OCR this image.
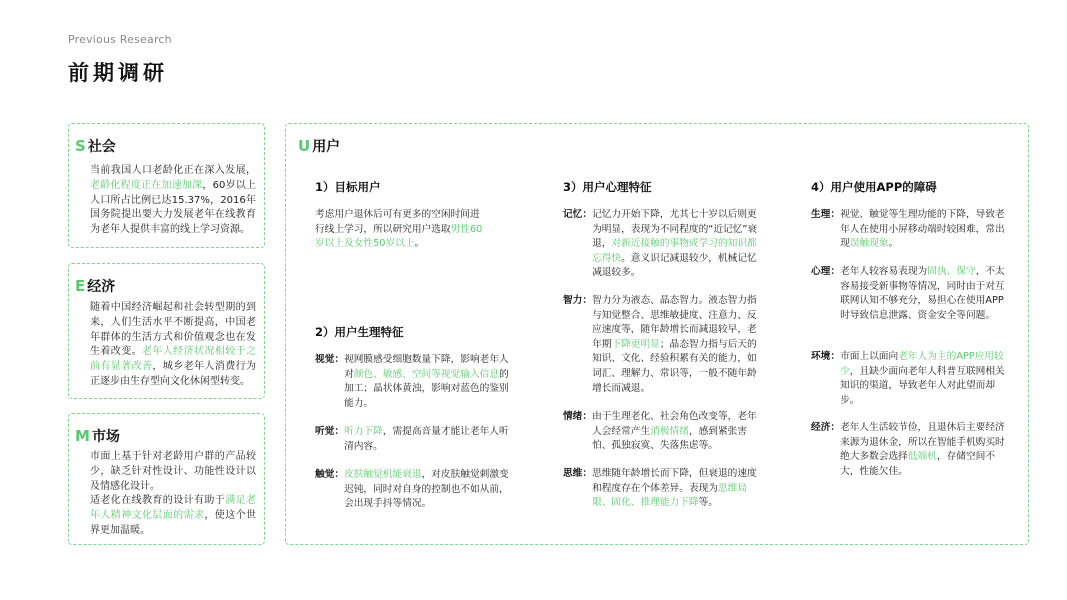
Previous Research
前期调研
S 社会
当前我国人口老龄化正在深入发展，老龄化程度正在加速加深，60岁以上人口所占比例已达15.37%，2016年国务院提出要大力发展老年在线教育为老年人提供丰富的线上学习资源。
E 经济
随着中国经济崛起和社会转型期的到来，人们生活水平不断提高，中国老年群体的生活方式和价值观念也在发生着改变。老年人经济状况相较于之前有显著改善，城乡老年人消费行为正逐步由生存型向文化休闲型转变。
M 市场
市面上基于针对老龄用户群的产品较少，缺乏针对性设计、功能性设计以及情感化设计。
适老化在线教育的设计有助于满足老年人精神文化层面的需求，使这个世界更加温暖。
U 用户
1）目标用户
考虑用户退休后可有更多的空闲时间进行线上学习，所以研究用户选取男性60岁以上及女性50岁以上。
2）用户生理特征
视觉： 视网膜感受细胞数量下降，影响老年人对颜色、敏感、空间等视觉输入信息的加工；晶状体黄浊，影响对蓝色的鉴别能力。
听觉： 听力下降，需提高音量才能让老年人听清内容。
触觉： 皮肤触觉机能衰退，对皮肤触觉刺激变迟钝，同时对自身的控制也不如从前，会出现手抖等情况。
3）用户心理特征
记忆： 记忆力开始下降，尤其七十岁以后则更为明显，表现为不同程度的“近记忆”衰退，对新近接触的事物或学习的知识都忘得快。意义识记减退较少，机械记忆减退较多。
智力： 智力分为液态、晶态智力。液态智力指与知觉整合、思维敏捷度、注意力、反应速度等，随年龄增长而减退较早，老年期下降更明显；晶态智力指与后天的知识、文化、经验积累有关的能力，如词汇、理解力、常识等，一般不随年龄增长而减退。
情绪： 由于生理老化、社会角色改变等，老年人会经常产生消极情绪，感到紧张害怕、孤独寂寞、失落焦虑等。
思维： 思维随年龄增长而下降，但衰退的速度和程度存在个体差异。表现为思维局限、固化、推理能力下降等。
4）用户使用APP的障碍
生理： 视觉、触觉等生理功能的下降，导致老年人在使用小屏移动端时较困难，常出现误触现象。
心理： 老年人较容易表现为固执、保守，不太容易接受新事物等情况，同时由于对互联网认知不够充分，易担心在使用APP时导致信息泄露、资金安全等问题。
环境： 市面上以面向老年人为主的APP应用较少，且缺少面向老年人科普互联网相关知识的渠道，导致老年人对此望而却步。
经济： 老年人生活较节俭，且退休后主要经济来源为退休金，所以在智能手机购买时绝大多数会选择低端机，存储空间不大，性能欠佳。
